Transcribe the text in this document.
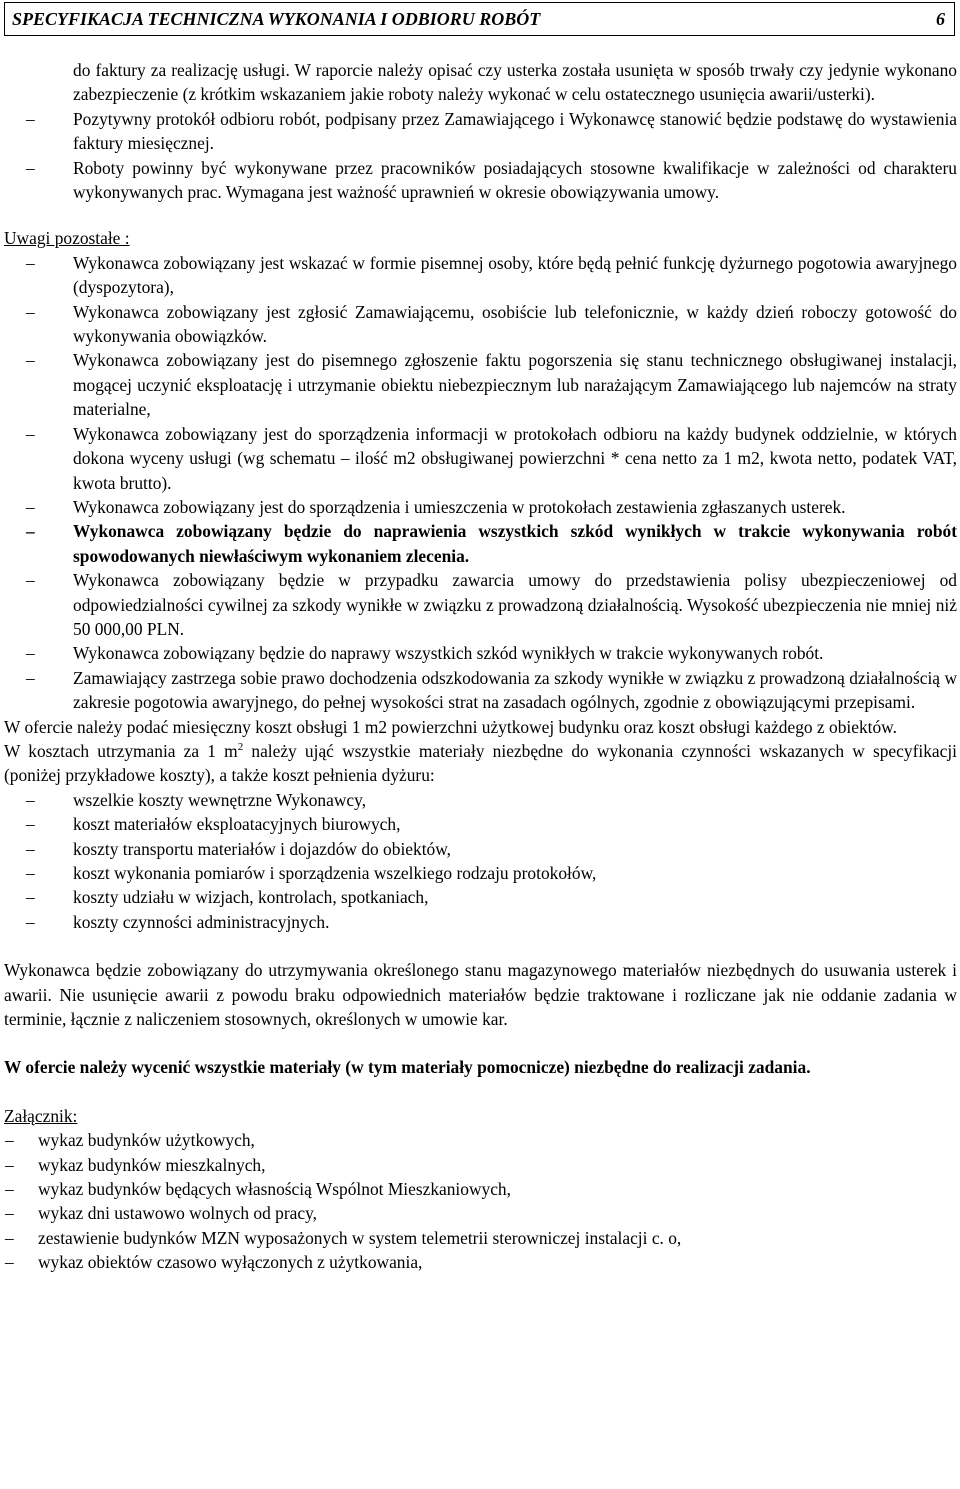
SPECYFIKACJA TECHNICZNA WYKONANIA I ODBIORU ROBÓT	6

do faktury za realizację usługi. W raporcie należy opisać czy usterka została usunięta w sposób trwały czy jedynie wykonano zabezpieczenie (z krótkim wskazaniem jakie roboty należy wykonać w celu ostatecznego usunięcia awarii/usterki).

– Pozytywny protokół odbioru robót, podpisany przez Zamawiającego i Wykonawcę stanowić będzie podstawę do wystawienia faktury miesięcznej.
– Roboty powinny być wykonywane przez pracowników posiadających stosowne kwalifikacje w zależności od charakteru wykonywanych prac. Wymagana jest ważność uprawnień w okresie obowiązywania umowy.

Uwagi pozostałe :

– Wykonawca zobowiązany jest wskazać w formie pisemnej osoby, które będą pełnić funkcję dyżurnego pogotowia awaryjnego (dyspozytora),
– Wykonawca zobowiązany jest zgłosić Zamawiającemu, osobiście lub telefonicznie, w każdy dzień roboczy gotowość do wykonywania obowiązków.
– Wykonawca zobowiązany jest do pisemnego zgłoszenie faktu pogorszenia się stanu technicznego obsługiwanej instalacji, mogącej uczynić eksploatację i utrzymanie obiektu niebezpiecznym lub narażającym Zamawiającego lub najemców na straty materialne,
– Wykonawca zobowiązany jest do sporządzenia informacji w protokołach odbioru na każdy budynek oddzielnie, w których dokona wyceny usługi (wg schematu – ilość m2 obsługiwanej powierzchni * cena netto za 1 m2, kwota netto, podatek VAT, kwota brutto).
– Wykonawca zobowiązany jest do sporządzenia i umieszczenia w protokołach zestawienia zgłaszanych usterek.
– Wykonawca zobowiązany będzie do naprawienia wszystkich szkód wynikłych w trakcie wykonywania robót spowodowanych niewłaściwym wykonaniem zlecenia.
– Wykonawca zobowiązany będzie w przypadku zawarcia umowy do przedstawienia polisy ubezpieczeniowej od odpowiedzialności cywilnej za szkody wynikłe w związku z prowadzoną działalnością. Wysokość ubezpieczenia nie mniej niż 50 000,00 PLN.
– Wykonawca zobowiązany będzie do naprawy wszystkich szkód wynikłych w trakcie wykonywanych robót.
– Zamawiający zastrzega sobie prawo dochodzenia odszkodowania za szkody wynikłe w związku z prowadzoną działalnością w zakresie pogotowia awaryjnego, do pełnej wysokości strat na zasadach ogólnych, zgodnie z obowiązującymi przepisami.

W ofercie należy podać miesięczny koszt obsługi 1 m2 powierzchni użytkowej budynku oraz koszt obsługi każdego z obiektów.

W kosztach utrzymania za 1 $m^2$ należy ująć wszystkie materiały niezbędne do wykonania czynności wskazanych w specyfikacji (poniżej przykładowe koszty), a także koszt pełnienia dyżuru:

– wszelkie koszty wewnętrzne Wykonawcy,
– koszt materiałów eksploatacyjnych biurowych,
– koszty transportu materiałów i dojazdów do obiektów,
– koszt wykonania pomiarów i sporządzenia wszelkiego rodzaju protokołów,
– koszty udziału w wizjach, kontrolach, spotkaniach,
– koszty czynności administracyjnych.

Wykonawca będzie zobowiązany do utrzymywania określonego stanu magazynowego materiałów niezbędnych do usuwania usterek i awarii. Nie usunięcie awarii z powodu braku odpowiednich materiałów będzie traktowane i rozliczane jak nie oddanie zadania w terminie, łącznie z naliczeniem stosownych, określonych w umowie kar.

W ofercie należy wycenić wszystkie materiały (w tym materiały pomocnicze) niezbędne do realizacji zadania.

Załącznik:

– wykaz budynków użytkowych,
– wykaz budynków mieszkalnych,
– wykaz budynków będących własnością Wspólnot Mieszkaniowych,
– wykaz dni ustawowo wolnych od pracy,
– zestawienie budynków MZN wyposażonych w system telemetrii sterowniczej instalacji c. o,
– wykaz obiektów czasowo wyłączonych z użytkowania,
